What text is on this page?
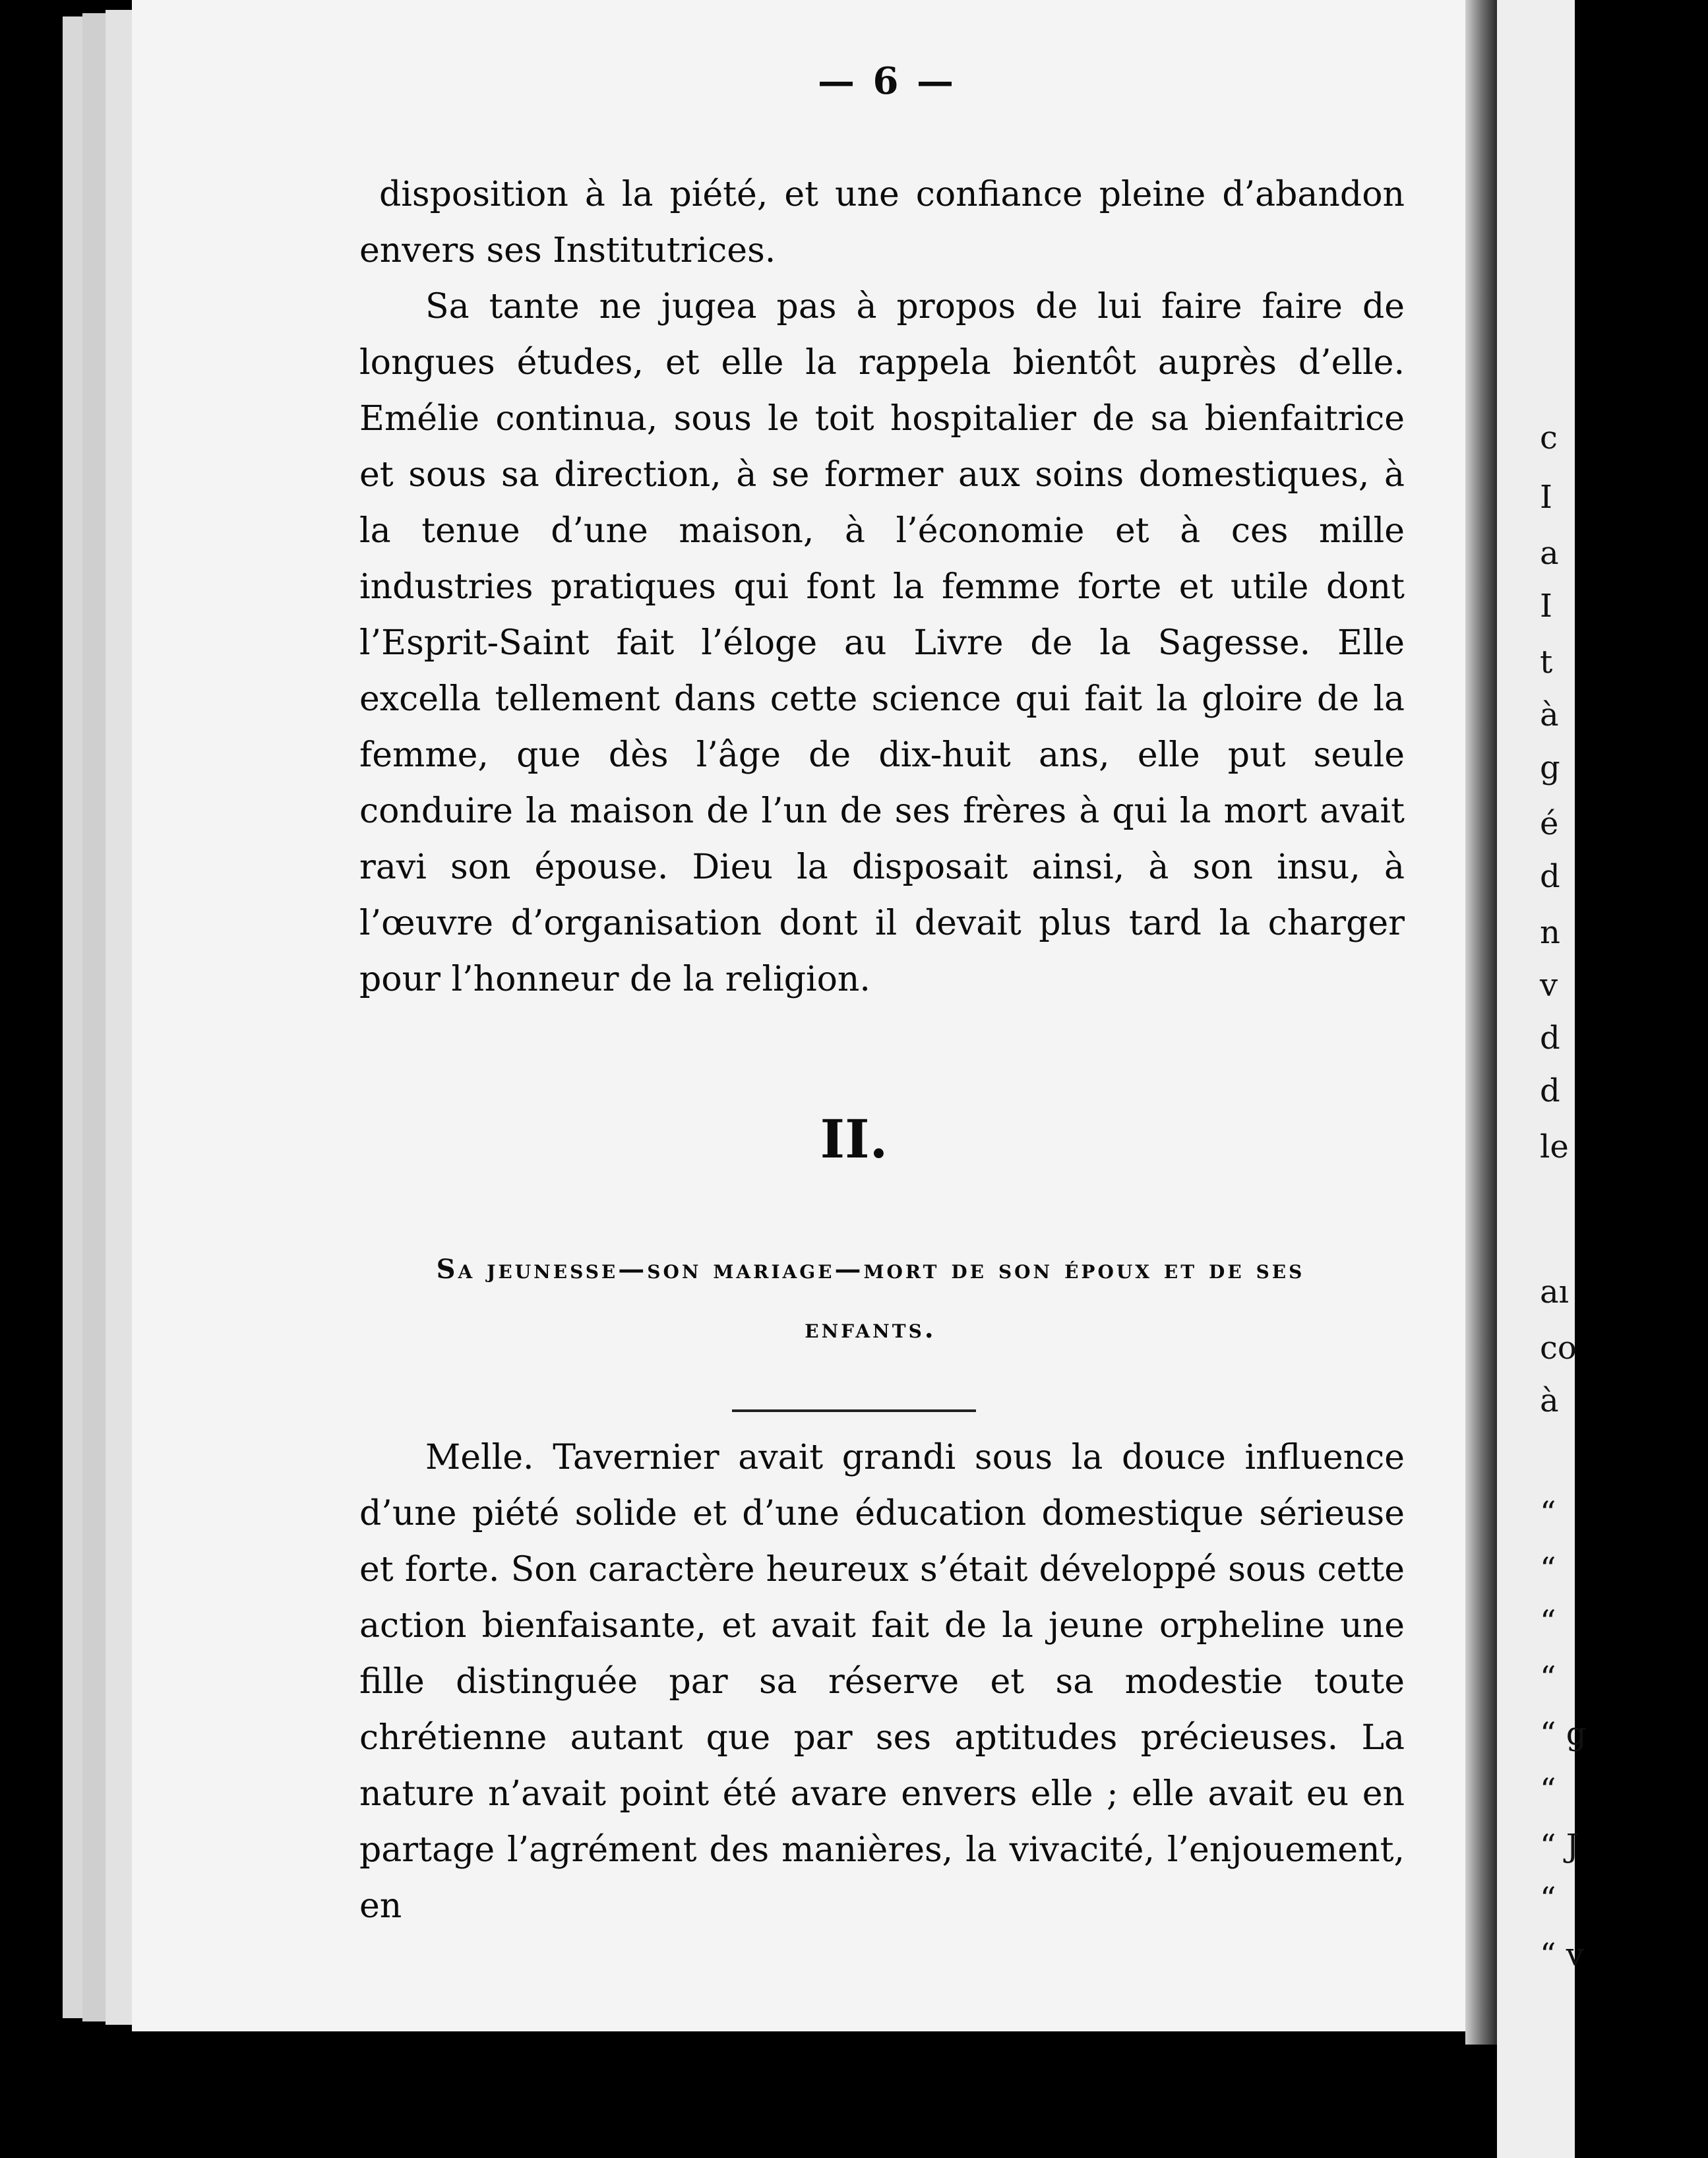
c
I
a
I
t
à
g
é
d
n
v
d
d
le
aı
co
à
“
“
“
“
“ g
“
“ J
“
“ v
— 6 —

disposition à la piété, et une confiance pleine d’abandon envers ses Institutrices.

Sa tante ne jugea pas à propos de lui faire faire de longues études, et elle la rappela bientôt auprès d’elle. Emélie continua, sous le toit hospitalier de sa bienfaitrice et sous sa direction, à se former aux soins domestiques, à la tenue d’une maison, à l’économie et à ces mille industries pratiques qui font la femme forte et utile dont l’Esprit-Saint fait l’éloge au Livre de la Sagesse. Elle excella tellement dans cette science qui fait la gloire de la femme, que dès l’âge de dix-huit ans, elle put seule conduire la maison de l’un de ses frères à qui la mort avait ravi son épouse. Dieu la disposait ainsi, à son insu, à l’œuvre d’organisation dont il devait plus tard la charger pour l’honneur de la religion.

II.
Sa jeunesse—son mariage—mort de son époux et de ses enfants.

Melle. Tavernier avait grandi sous la douce influence d’une piété solide et d’une éducation domestique sérieuse et forte. Son caractère heureux s’était développé sous cette action bienfaisante, et avait fait de la jeune orpheline une fille distinguée par sa réserve et sa modestie toute chrétienne autant que par ses aptitudes précieuses. La nature n’avait point été avare envers elle ; elle avait eu en partage l’agrément des manières, la vivacité, l’enjouement, en
